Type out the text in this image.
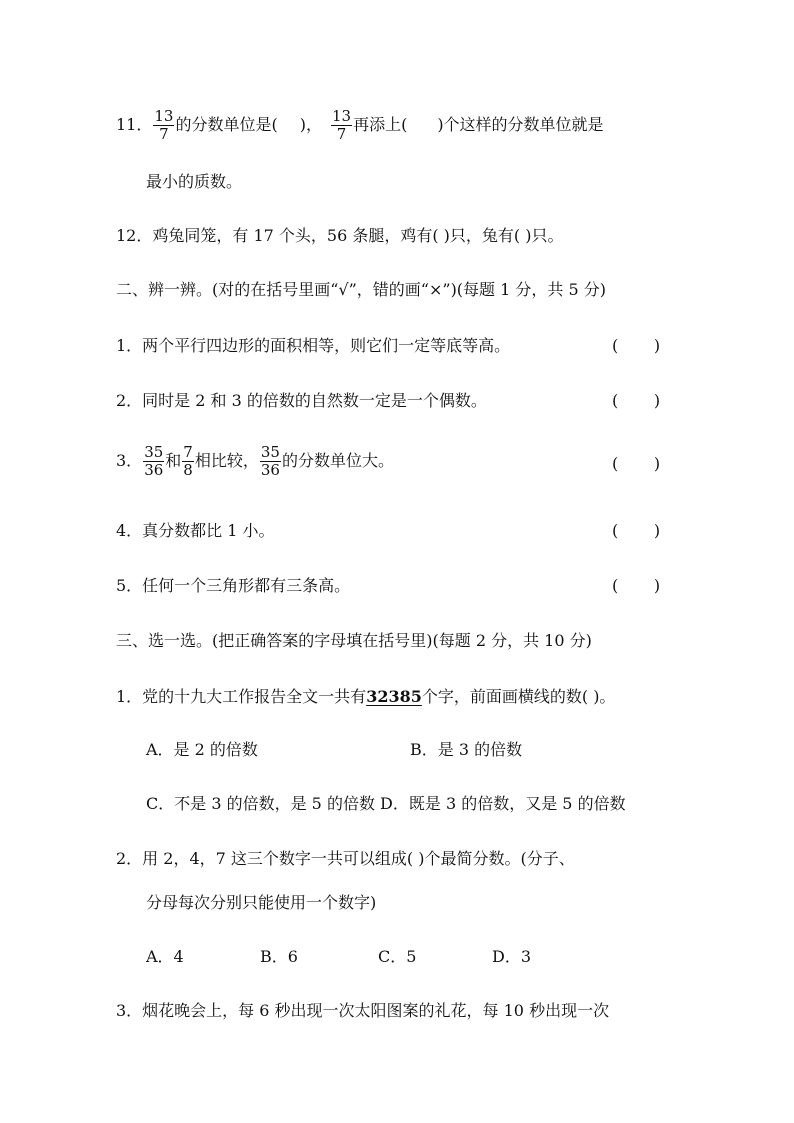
11． $\frac{13}{7}$ 的分数单位是( )， $\frac{13}{7}$ 再添上( )个这样的分数单位就是
最小的质数。
12．鸡兔同笼，有 17 个头，56 条腿，鸡有( )只，兔有( )只。
二、辨一辨。(对的在括号里画“√”，错的画“×”)(每题 1 分，共 5 分)
1．两个平行四边形的面积相等，则它们一定等底等高。	(       )
2．同时是 2 和 3 的倍数的自然数一定是一个偶数。	(       )
3． $\frac{35}{36}$ 和 $\frac{7}{8}$ 相比较， $\frac{35}{36}$ 的分数单位大。	(       )
4．真分数都比 1 小。	(       )
5．任何一个三角形都有三条高。	(       )
三、选一选。(把正确答案的字母填在括号里)(每题 2 分，共 10 分)
1．党的十九大工作报告全文一共有32385个字，前面画横线的数( )。
A．是 2 的倍数	B．是 3 的倍数
C．不是 3 的倍数，是 5 的倍数 D．既是 3 的倍数，又是 5 的倍数
2．用 2，4，7 这三个数字一共可以组成( )个最简分数。(分子、
分母每次分别只能使用一个数字)
A．4	B．6	C．5	D．3
3．烟花晚会上，每 6 秒出现一次太阳图案的礼花，每 10 秒出现一次
